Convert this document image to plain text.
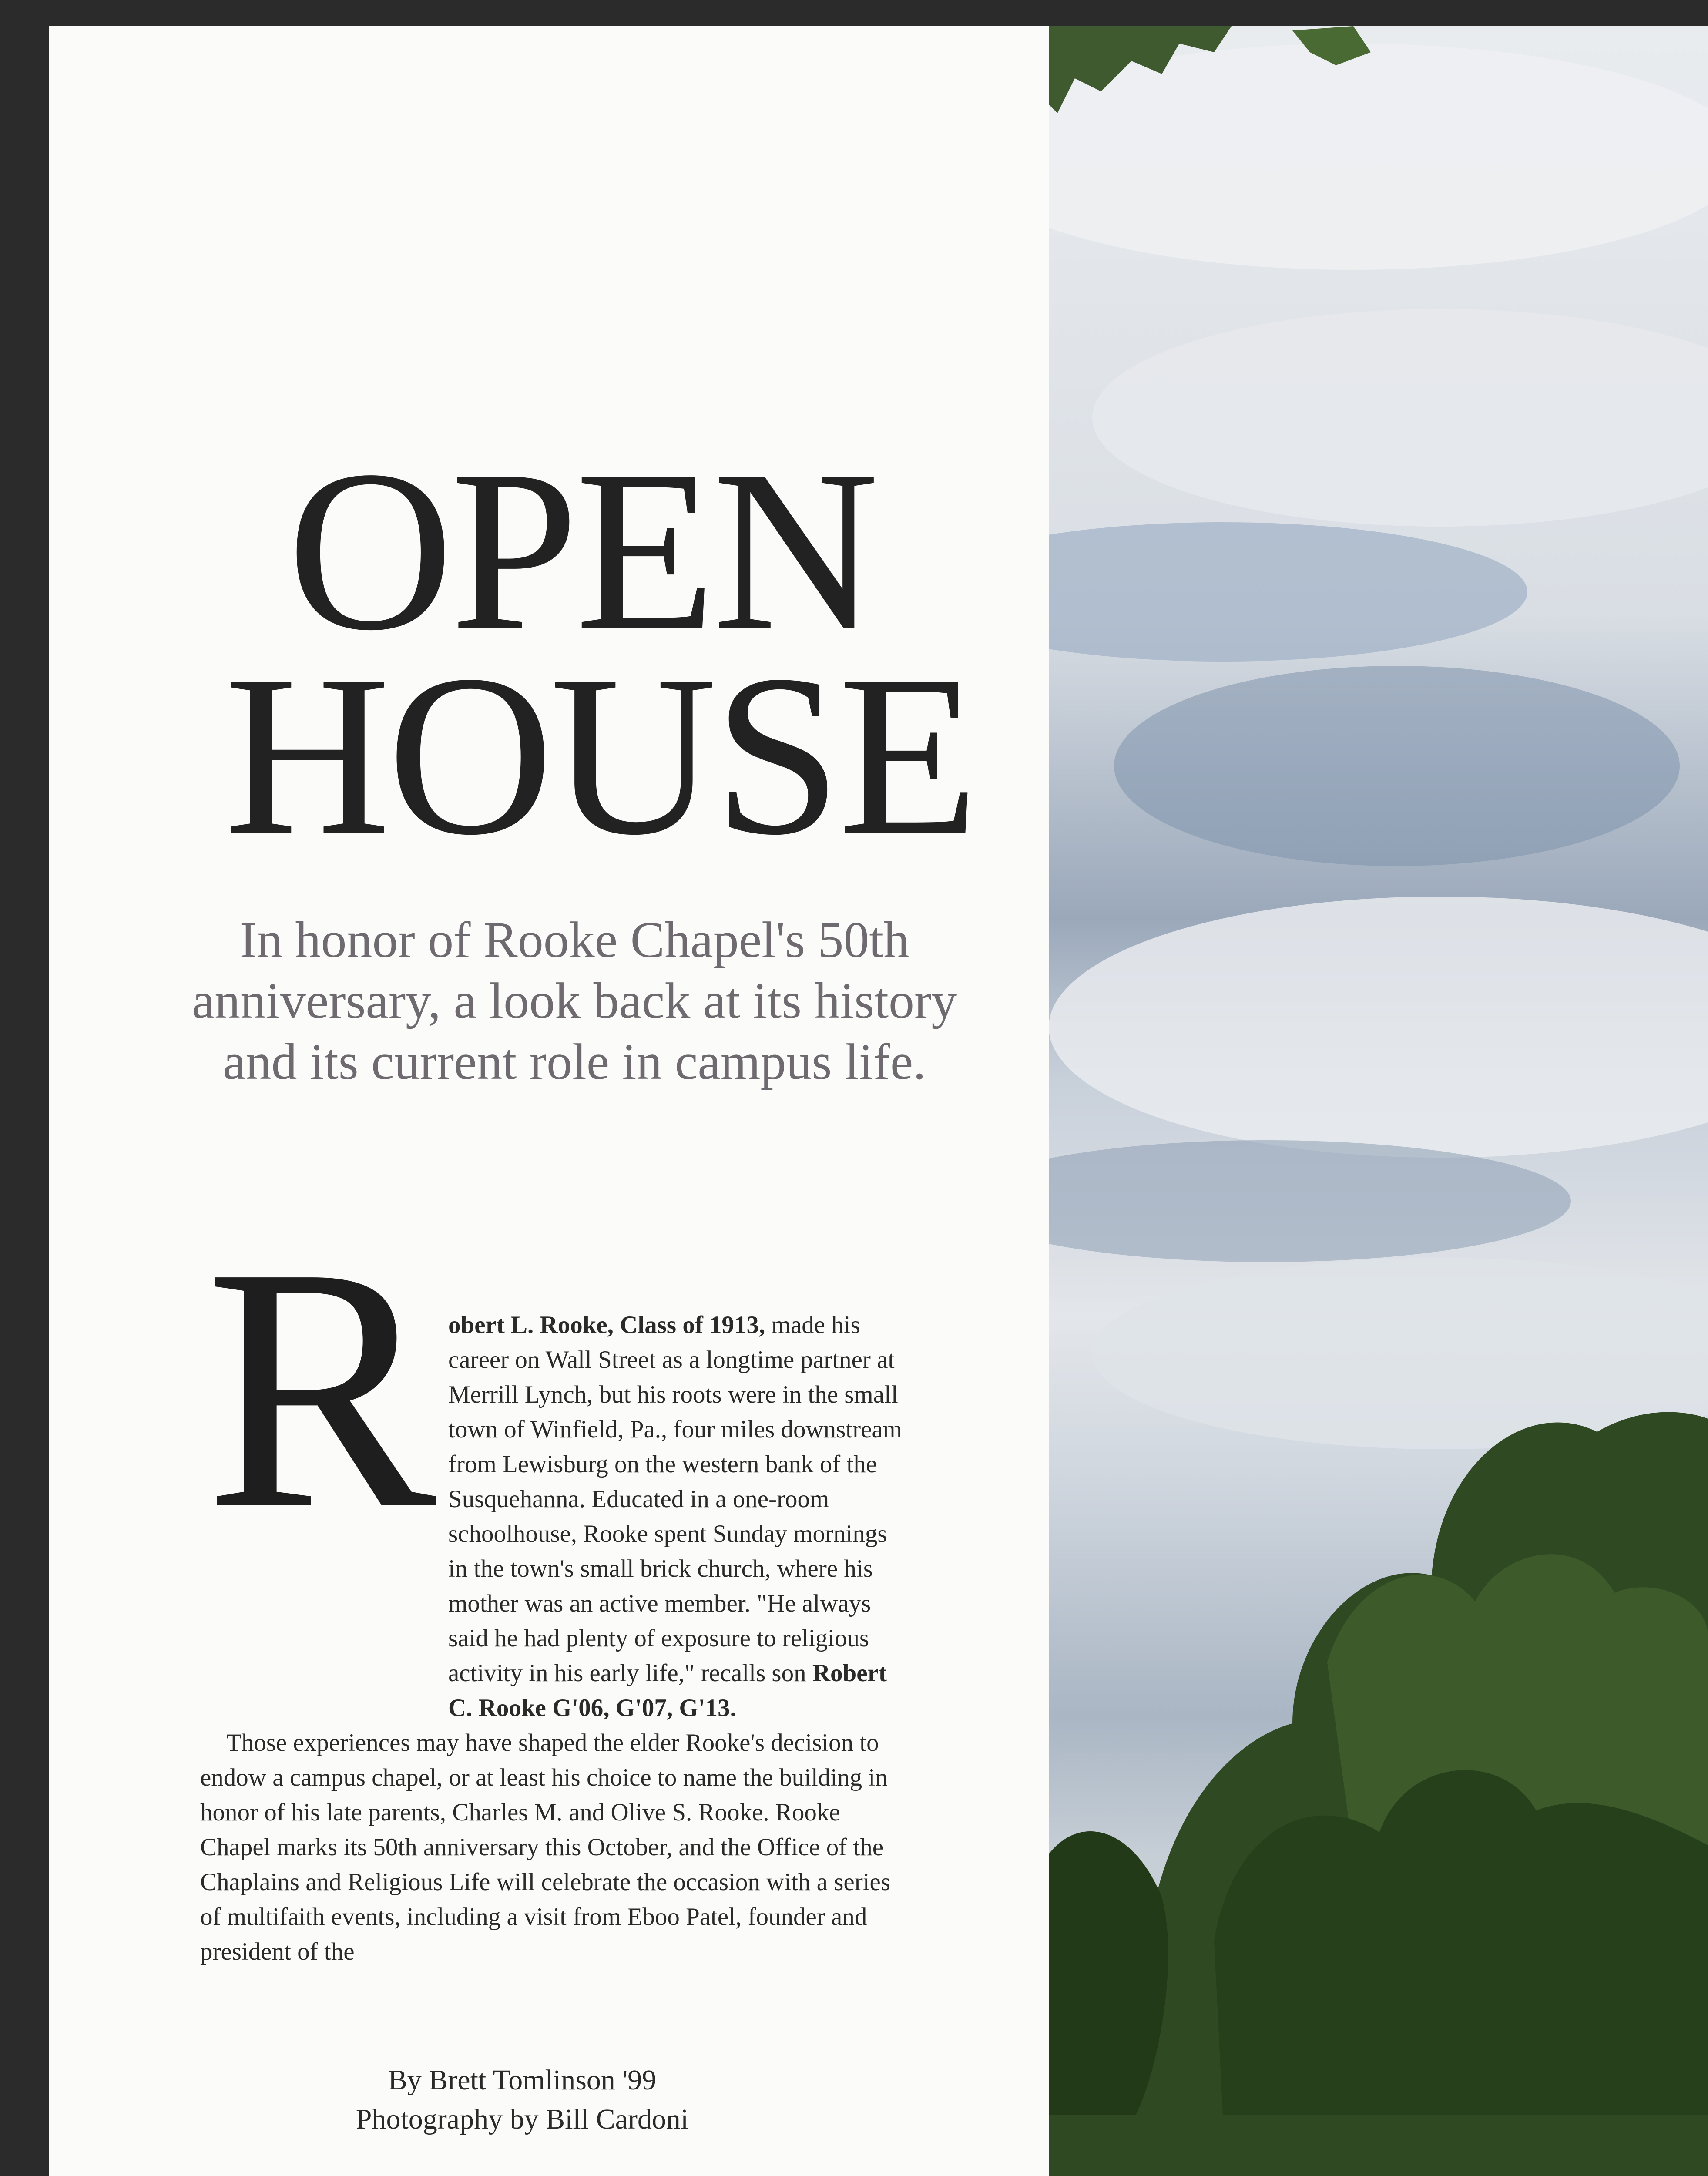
OPEN
HOUSE
In honor of Rooke Chapel's 50th anniversary, a look back at its history and its current role in campus life.
R obert L. Rooke, Class of 1913, made his career on Wall Street as a longtime partner at Merrill Lynch, but his roots were in the small town of Winfield, Pa., four miles downstream from Lewisburg on the western bank of the Susquehanna. Educated in a one-room schoolhouse, Rooke spent Sunday mornings in the town's small brick church, where his mother was an active member. "He always said he had plenty of exposure to religious activity in his early life," recalls son Robert C. Rooke G'06, G'07, G'13.

Those experiences may have shaped the elder Rooke's decision to endow a campus chapel, or at least his choice to name the building in honor of his late parents, Charles M. and Olive S. Rooke. Rooke Chapel marks its 50th anniversary this October, and the Office of the Chaplains and Religious Life will celebrate the occasion with a series of multifaith events, including a visit from Eboo Patel, founder and president of the

By Brett Tomlinson '99
Photography by Bill Cardoni
